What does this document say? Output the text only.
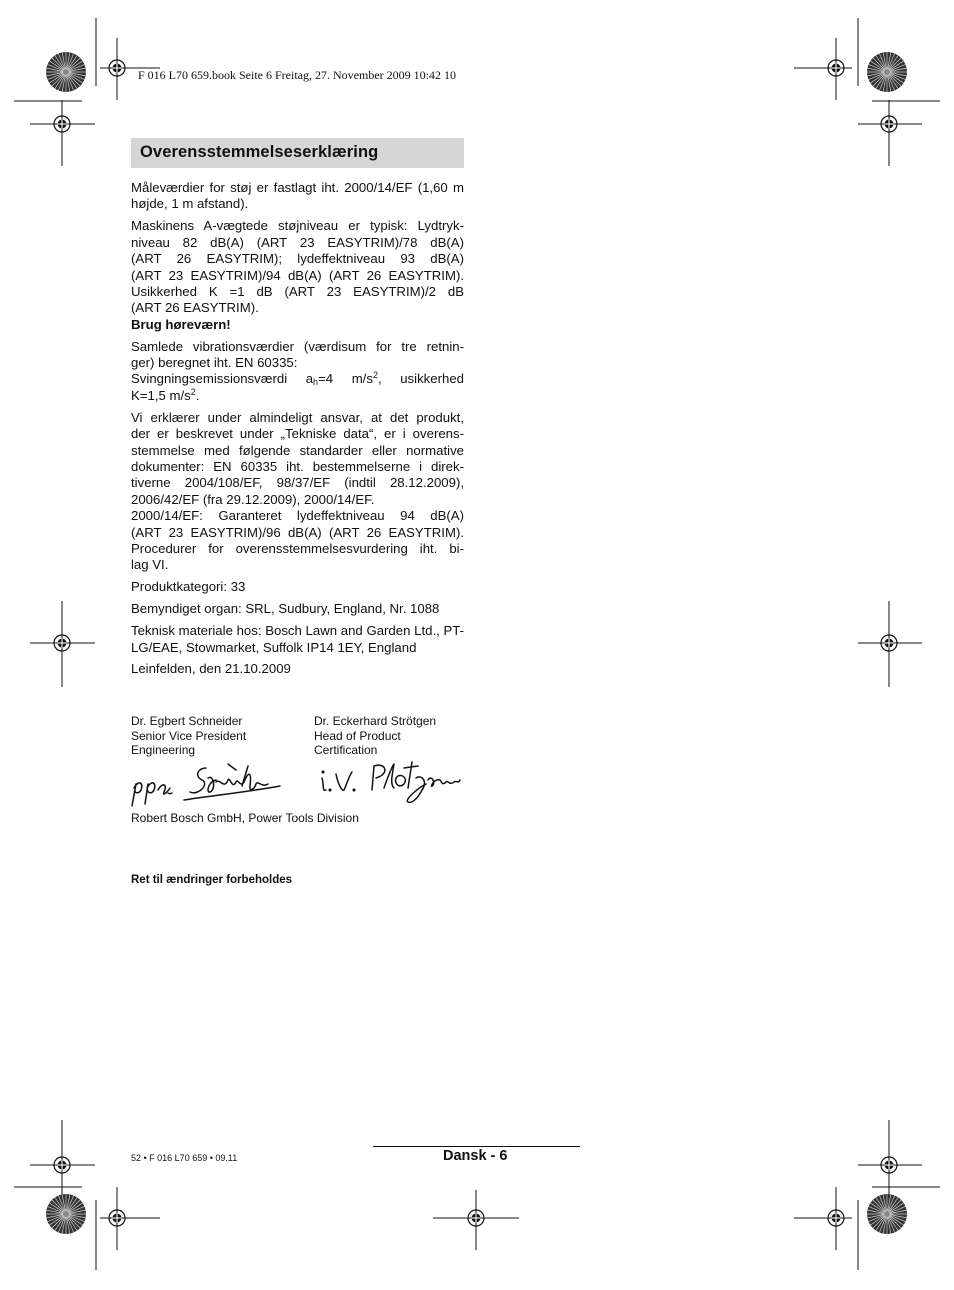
F 016 L70 659.book Seite 6 Freitag, 27. November 2009 10:42 10
Overensstemmelseserklæring

Måleværdier for støj er fastlagt iht. 2000/14/EF (1,60 m højde, 1 m afstand).

Maskinens A-vægtede støjniveau er typisk: Lydtryk-
niveau 82 dB(A) (ART 23 EASYTRIM)/78 dB(A)
(ART 26 EASYTRIM); lydeffektniveau 93 dB(A)
(ART 23 EASYTRIM)/94 dB(A) (ART 26 EASYTRIM).
Usikkerhed K =1 dB (ART 23 EASYTRIM)/2 dB
(ART 26 EASYTRIM).

Brug høreværn!

Samlede vibrationsværdier (værdisum for tre retnin-
ger) beregnet iht. EN 60335:
Svingningsemissionsværdi $a_h=4$ $m/s^2$, usikkerhed
K=1,5 $m/s^2$.

Vi erklærer under almindeligt ansvar, at det produkt,
der er beskrevet under „Tekniske data“, er i overens-
stemmelse med følgende standarder eller normative
dokumenter: EN 60335 iht. bestemmelserne i direk-
tiverne 2004/108/EF, 98/37/EF (indtil 28.12.2009),
2006/42/EF (fra 29.12.2009), 2000/14/EF.
2000/14/EF: Garanteret lydeffektniveau 94 dB(A)
(ART 23 EASYTRIM)/96 dB(A) (ART 26 EASYTRIM).
Procedurer for overensstemmelsesvurdering iht. bi-
lag VI.

Produktkategori: 33

Bemyndiget organ: SRL, Sudbury, England, Nr. 1088

Teknisk materiale hos: Bosch Lawn and Garden Ltd., PT-LG/EAE, Stowmarket, Suffolk IP14 1EY, England

Leinfelden, den 21.10.2009

Dr. Egbert Schneider
Senior Vice President
Engineering
Dr. Eckerhard Strötgen
Head of Product
Certification
Robert Bosch GmbH, Power Tools Division
Ret til ændringer forbeholdes
52 • F 016 L70 659 • 09.11	Dansk - 6
